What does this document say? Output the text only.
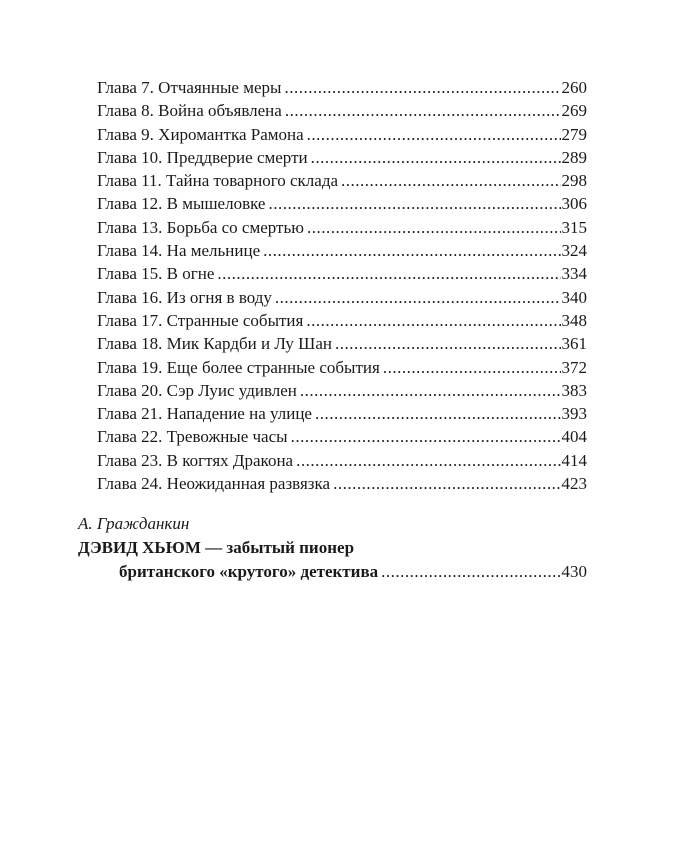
Глава 7. Отчаянные меры .....	260
Глава 8. Война объявлена .....	269
Глава 9. Хиромантка Рамона .....	279
Глава 10. Преддверие смерти .....	289
Глава 11. Тайна товарного склада .....	298
Глава 12. В мышеловке .....	306
Глава 13. Борьба со смертью .....	315
Глава 14. На мельнице .....	324
Глава 15. В огне .....	334
Глава 16. Из огня в воду .....	340
Глава 17. Странные события .....	348
Глава 18. Мик Кардби и Лу Шан .....	361
Глава 19. Еще более странные события .....	372
Глава 20. Сэр Луис удивлен .....	383
Глава 21. Нападение на улице .....	393
Глава 22. Тревожные часы .....	404
Глава 23. В когтях Дракона .....	414
Глава 24. Неожиданная развязка .....	423
А. Гражданкин
ДЭВИД ХЬЮМ — забытый пионер
британского «крутого» детектива .....	430
